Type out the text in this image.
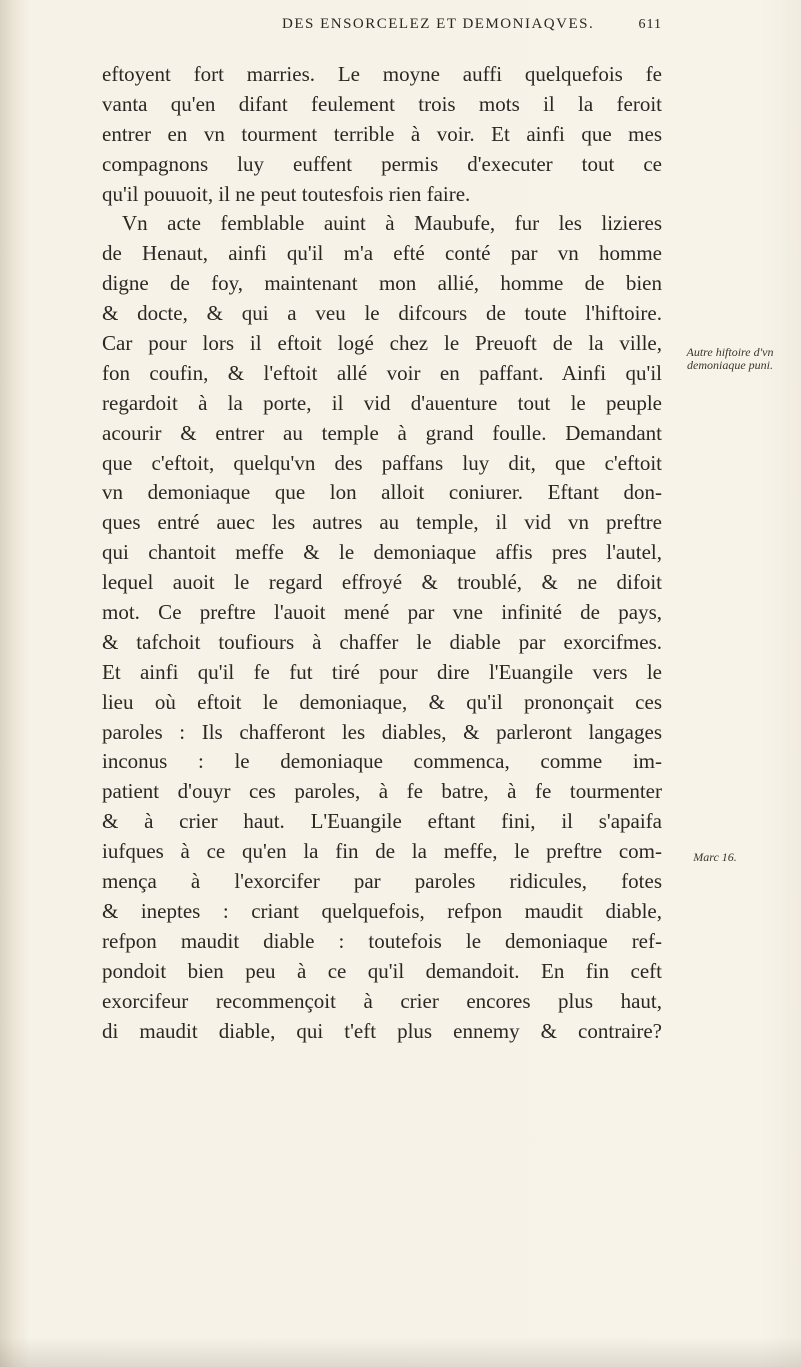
DES ENSORCELEZ ET DEMONIAQVES.	611
eftoyent fort marries. Le moyne auffi quelquefois fe
vanta qu'en difant feulement trois mots il la feroit
entrer en vn tourment terrible à voir. Et ainfi que mes
compagnons luy euffent permis d'executer tout ce
qu'il pouuoit, il ne peut toutesfois rien faire.
Vn acte femblable auint à Maubufe, fur les lizieres
de Henaut, ainfi qu'il m'a efté conté par vn homme
digne de foy, maintenant mon allié, homme de bien
& docte, & qui a veu le difcours de toute l'hiftoire.
Car pour lors il eftoit logé chez le Preuoft de la ville,
fon coufin, & l'eftoit allé voir en paffant. Ainfi qu'il
regardoit à la porte, il vid d'auenture tout le peuple
acourir & entrer au temple à grand foulle. Demandant
que c'eftoit, quelqu'vn des paffans luy dit, que c'eftoit
vn demoniaque que lon alloit coniurer. Eftant don-
ques entré auec les autres au temple, il vid vn preftre
qui chantoit meffe & le demoniaque affis pres l'autel,
lequel auoit le regard effroyé & troublé, & ne difoit
mot. Ce preftre l'auoit mené par vne infinité de pays,
& tafchoit toufiours à chaffer le diable par exorcifmes.
Et ainfi qu'il fe fut tiré pour dire l'Euangile vers le
lieu où eftoit le demoniaque, & qu'il prononçait ces
paroles : Ils chafferont les diables, & parleront langages
inconus : le demoniaque commenca, comme im-
patient d'ouyr ces paroles, à fe batre, à fe tourmenter
& à crier haut. L'Euangile eftant fini, il s'apaifa
iufques à ce qu'en la fin de la meffe, le preftre com-
mença à l'exorcifer par paroles ridicules, fotes
& ineptes : criant quelquefois, refpon maudit diable,
refpon maudit diable : toutefois le demoniaque ref-
pondoit bien peu à ce qu'il demandoit. En fin ceft
exorcifeur recommençoit à crier encores plus haut,
di maudit diable, qui t'eft plus ennemy & contraire?
Autre hiftoire d'vn demoniaque puni.
Marc 16.
